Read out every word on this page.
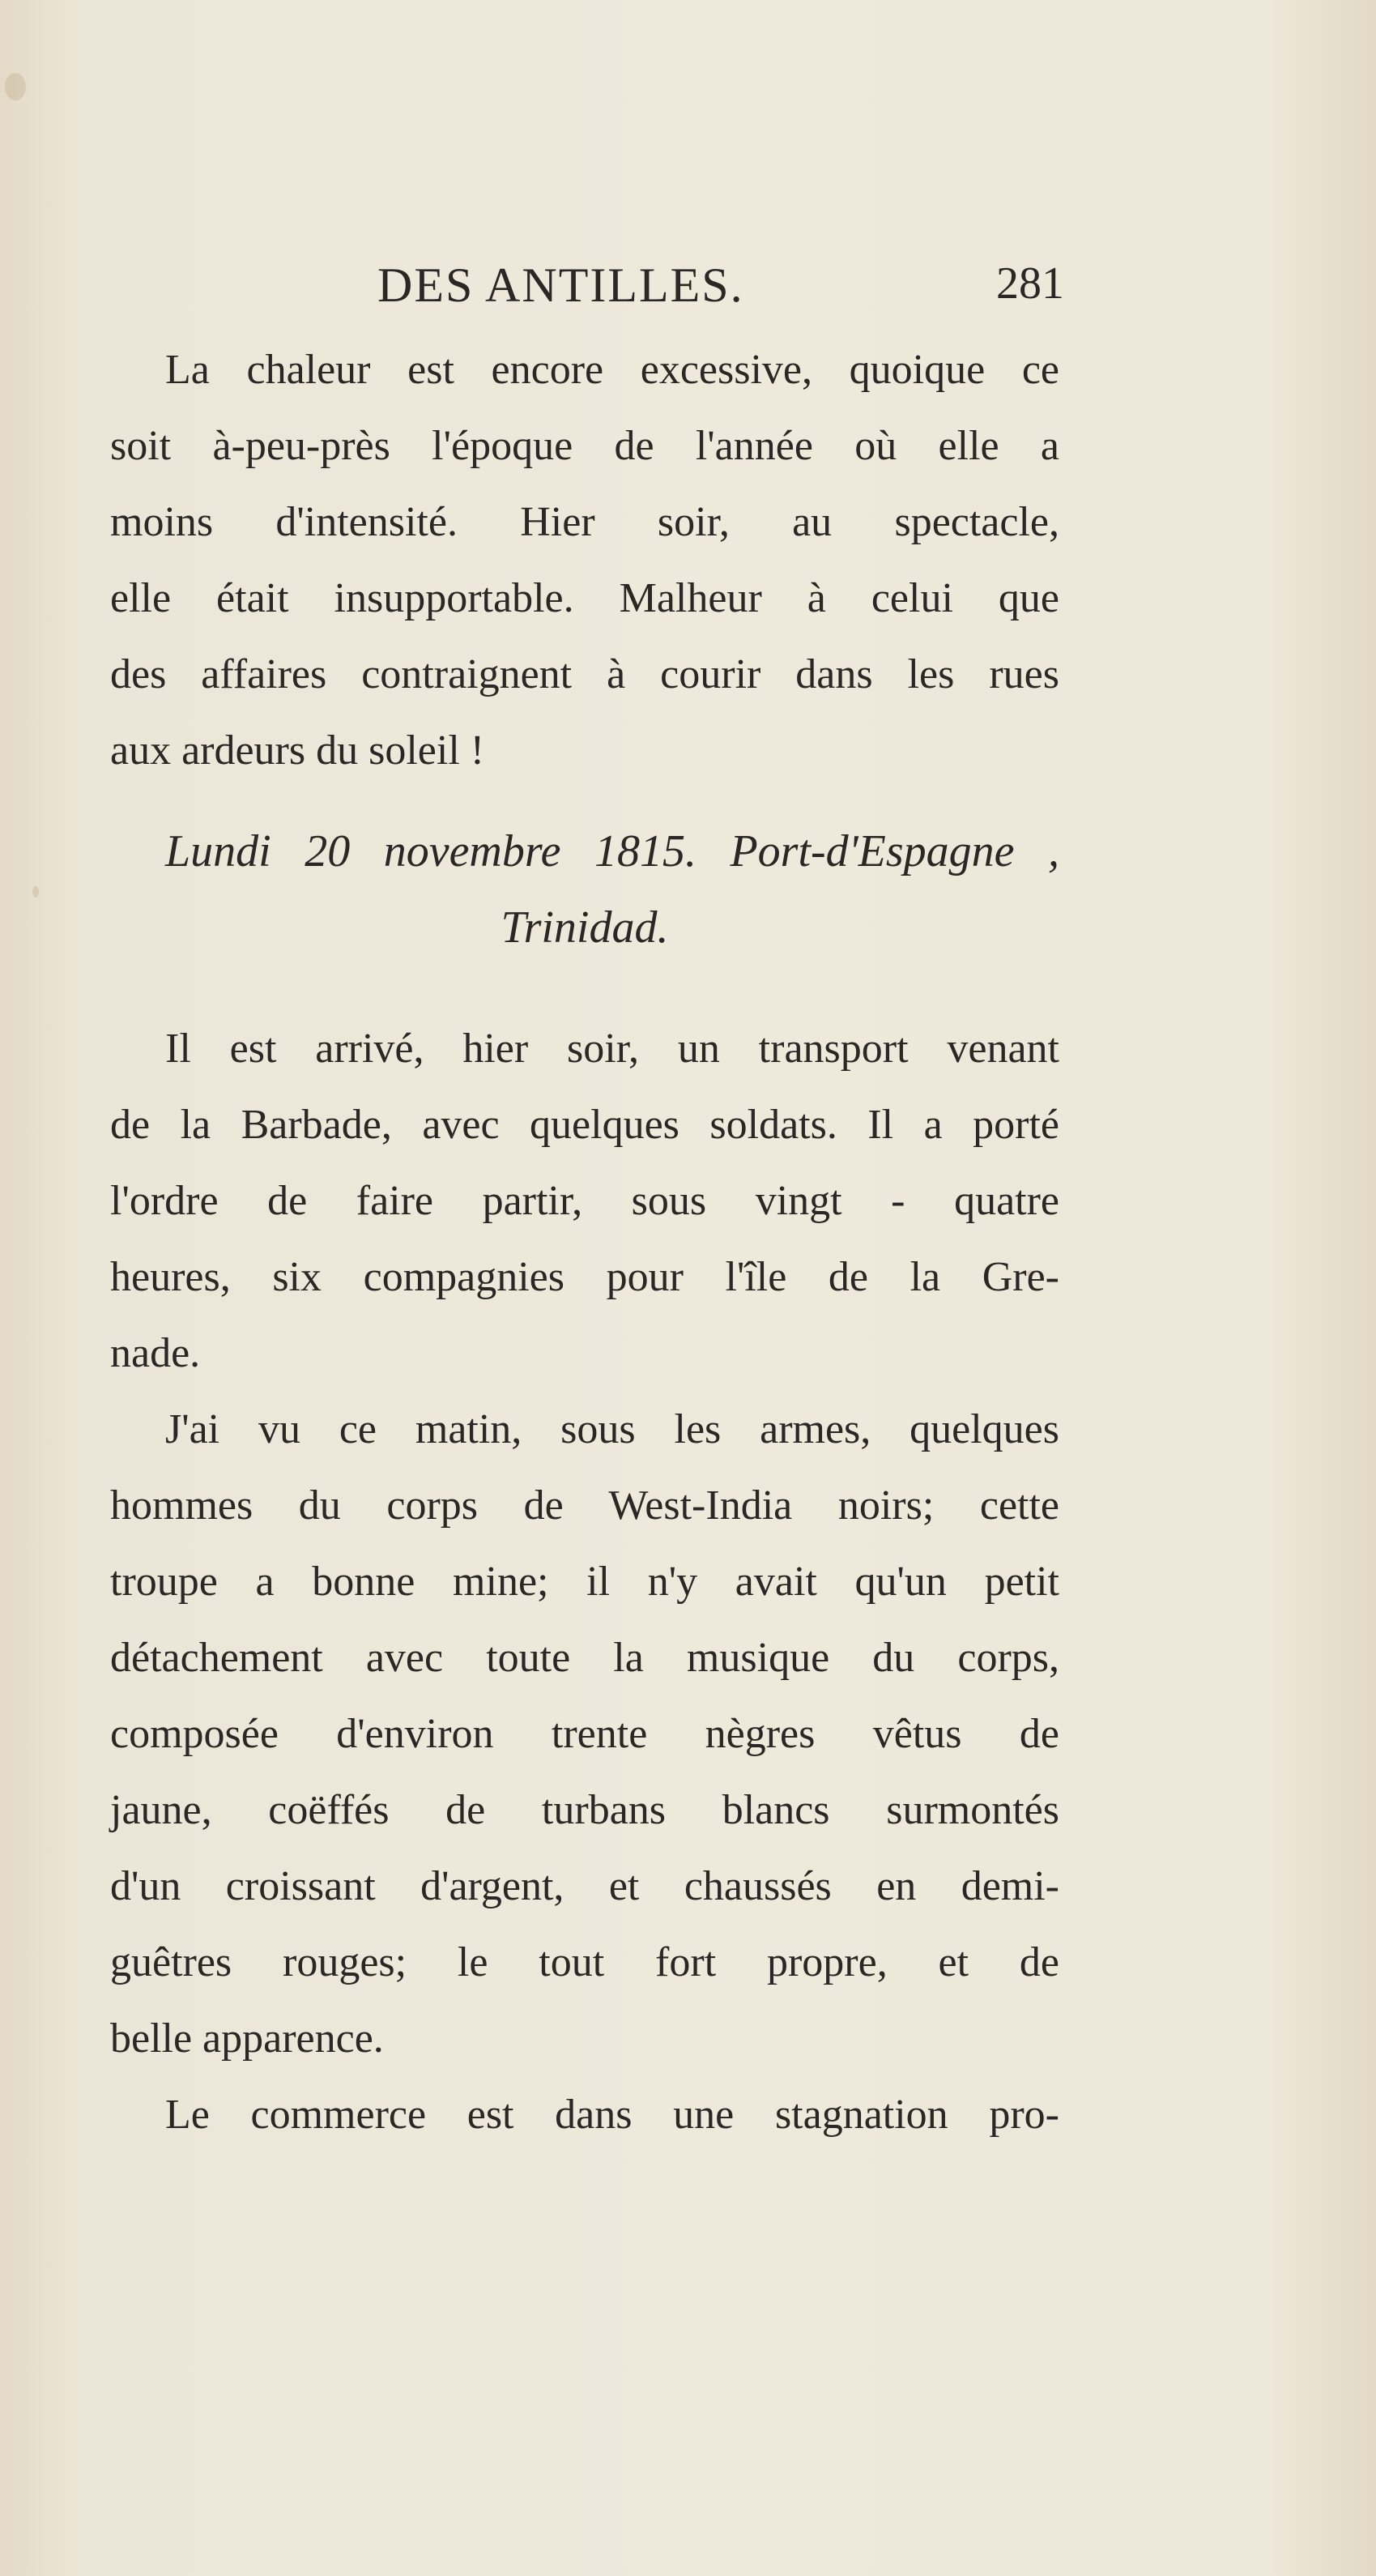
DES ANTILLES.	281
La chaleur est encore excessive, quoique ce
soit à-peu-près l'époque de l'année où elle a
moins d'intensité. Hier soir, au spectacle,
elle était insupportable. Malheur à celui que
des affaires contraignent à courir dans les rues
aux ardeurs du soleil !
Lundi 20 novembre 1815. Port-d'Espagne ,
Trinidad.
Il est arrivé, hier soir, un transport venant
de la Barbade, avec quelques soldats. Il a porté
l'ordre de faire partir, sous vingt - quatre
heures, six compagnies pour l'île de la Gre-
nade.
J'ai vu ce matin, sous les armes, quelques
hommes du corps de West-India noirs; cette
troupe a bonne mine; il n'y avait qu'un petit
détachement avec toute la musique du corps,
composée d'environ trente nègres vêtus de
jaune, coëffés de turbans blancs surmontés
d'un croissant d'argent, et chaussés en demi-
guêtres rouges; le tout fort propre, et de
belle apparence.
Le commerce est dans une stagnation pro-
